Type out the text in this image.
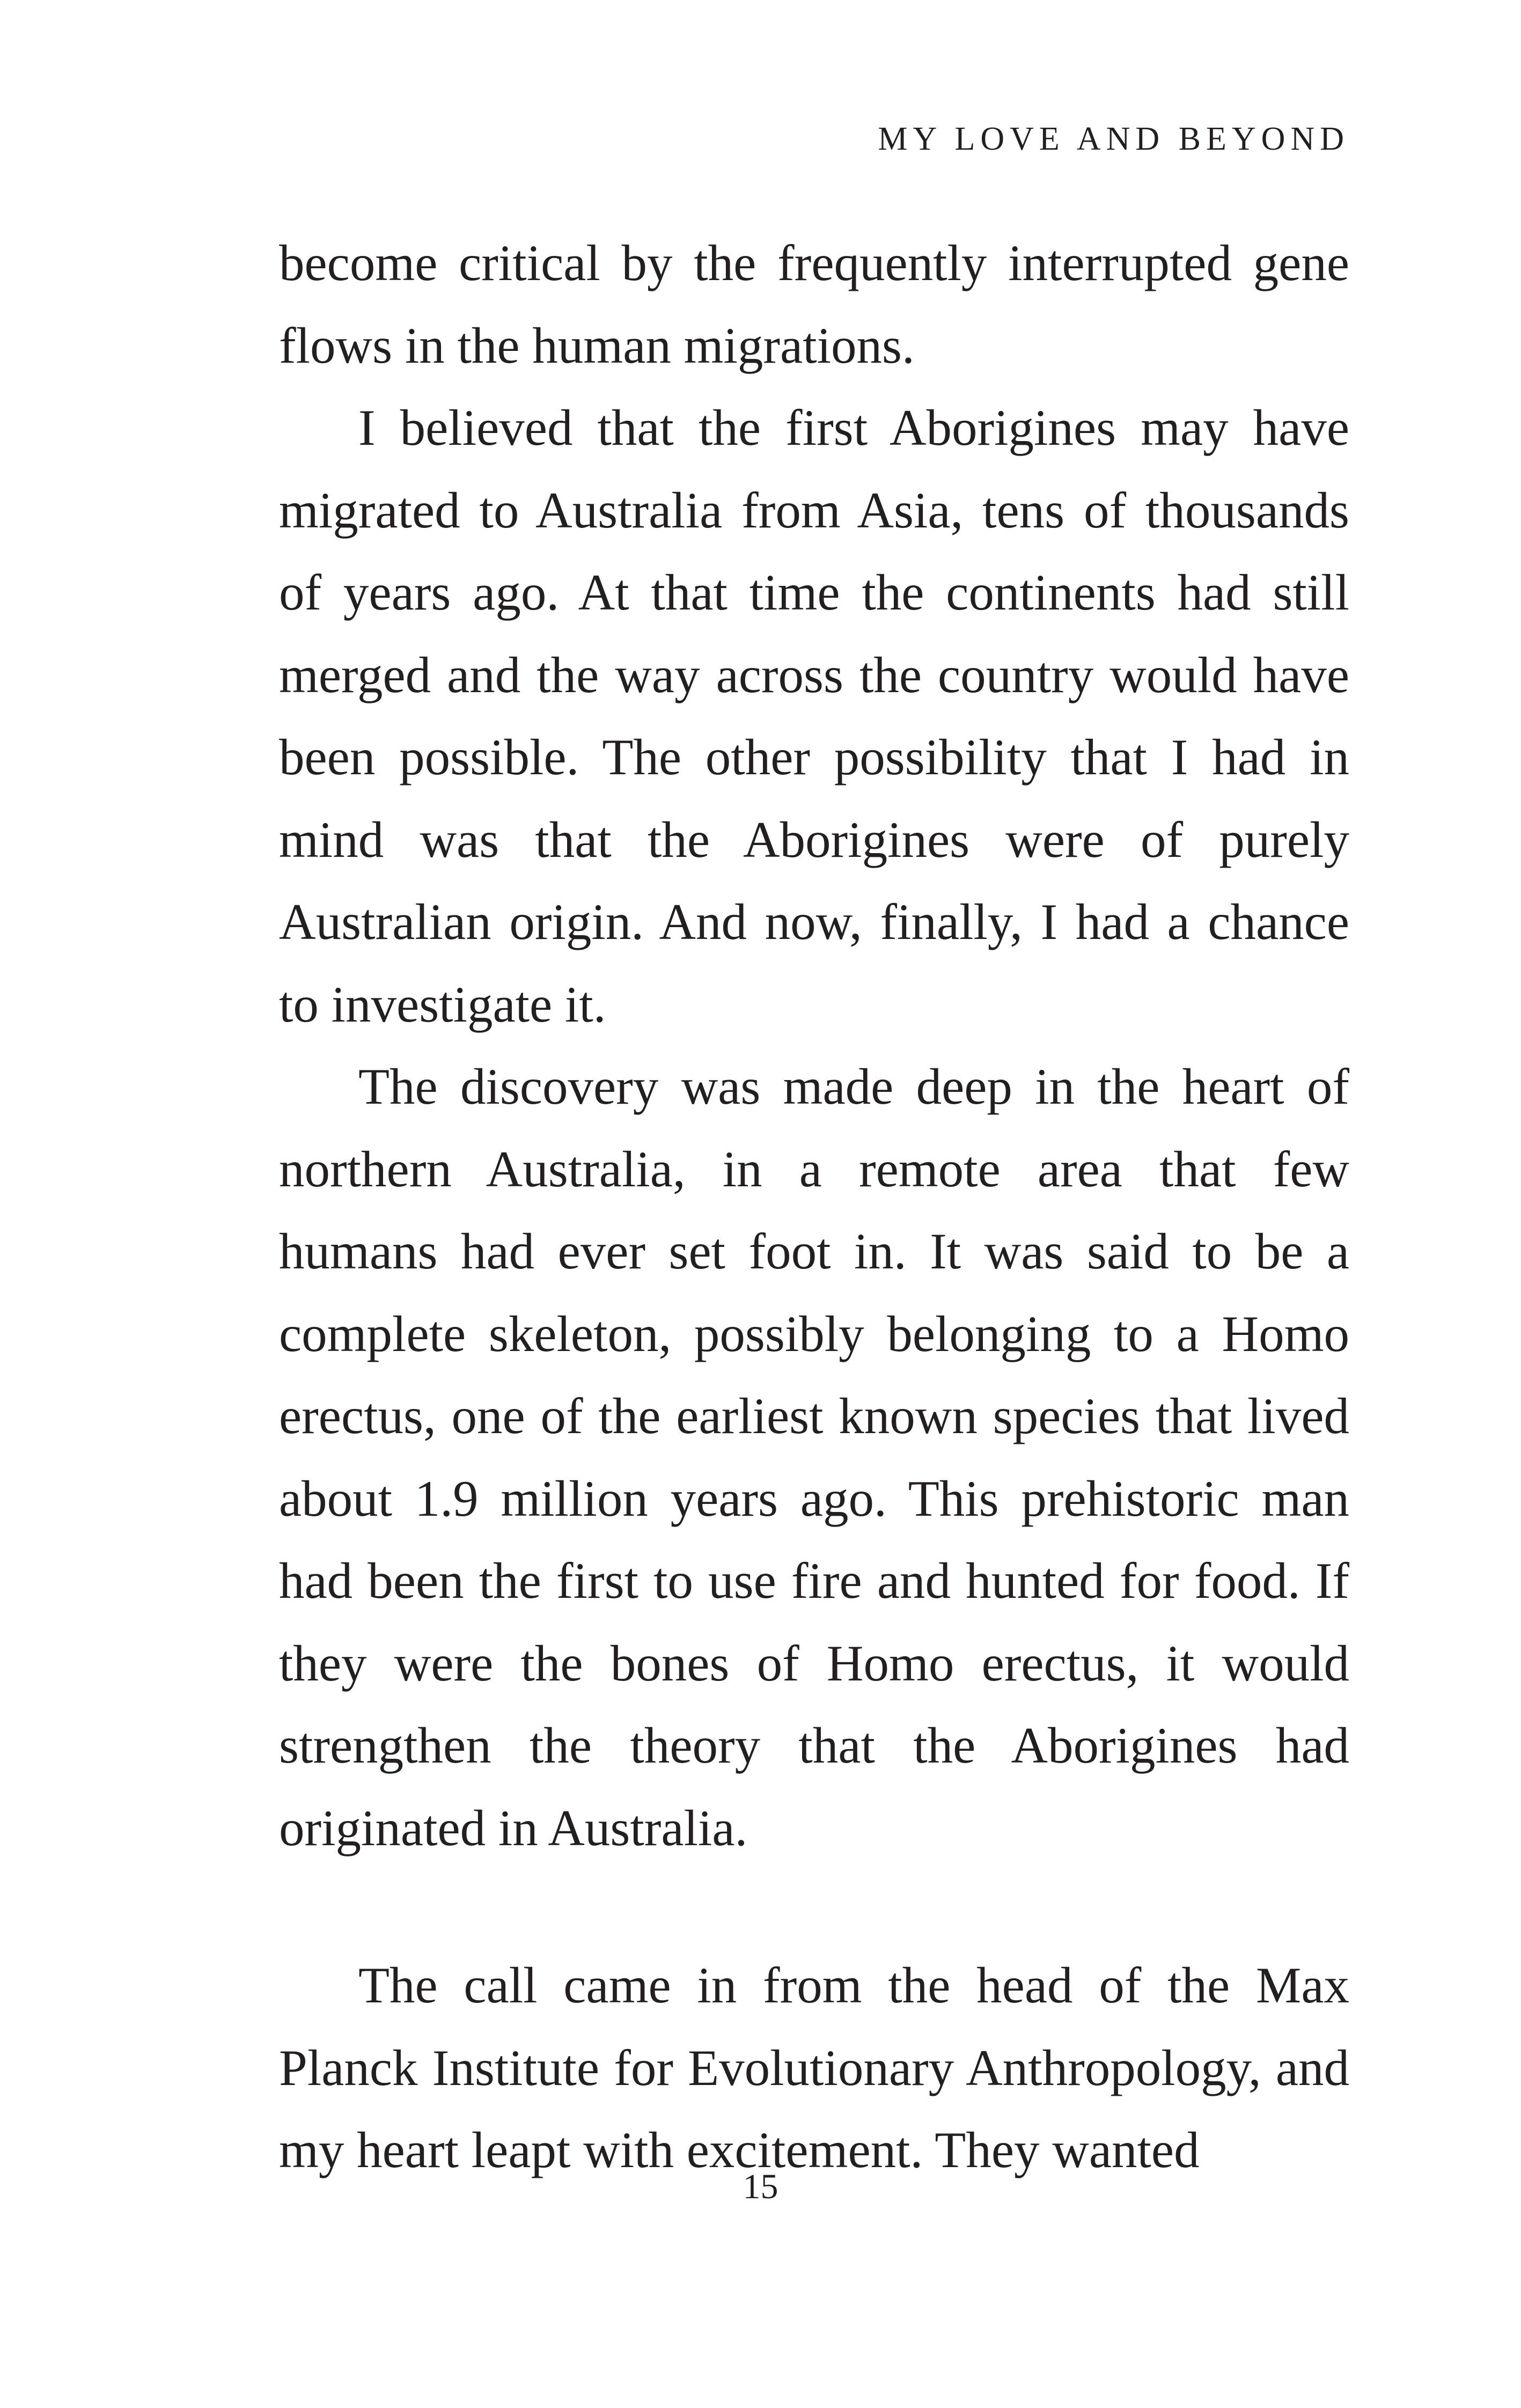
MY LOVE AND BEYOND

become critical by the frequently interrupted gene flows in the human migrations.

I believed that the first Aborigines may have migrated to Australia from Asia, tens of thousands of years ago. At that time the continents had still merged and the way across the country would have been possible. The other possibility that I had in mind was that the Aborigines were of purely Australian origin. And now, finally, I had a chance to investigate it.

The discovery was made deep in the heart of northern Australia, in a remote area that few humans had ever set foot in. It was said to be a complete skeleton, possibly belonging to a Homo erectus, one of the earliest known species that lived about 1.9 million years ago. This prehistoric man had been the first to use fire and hunted for food. If they were the bones of Homo erectus, it would strengthen the theory that the Aborigines had originated in Australia.

The call came in from the head of the Max Planck Institute for Evolutionary Anthropology, and my heart leapt with excitement. They wanted

15
